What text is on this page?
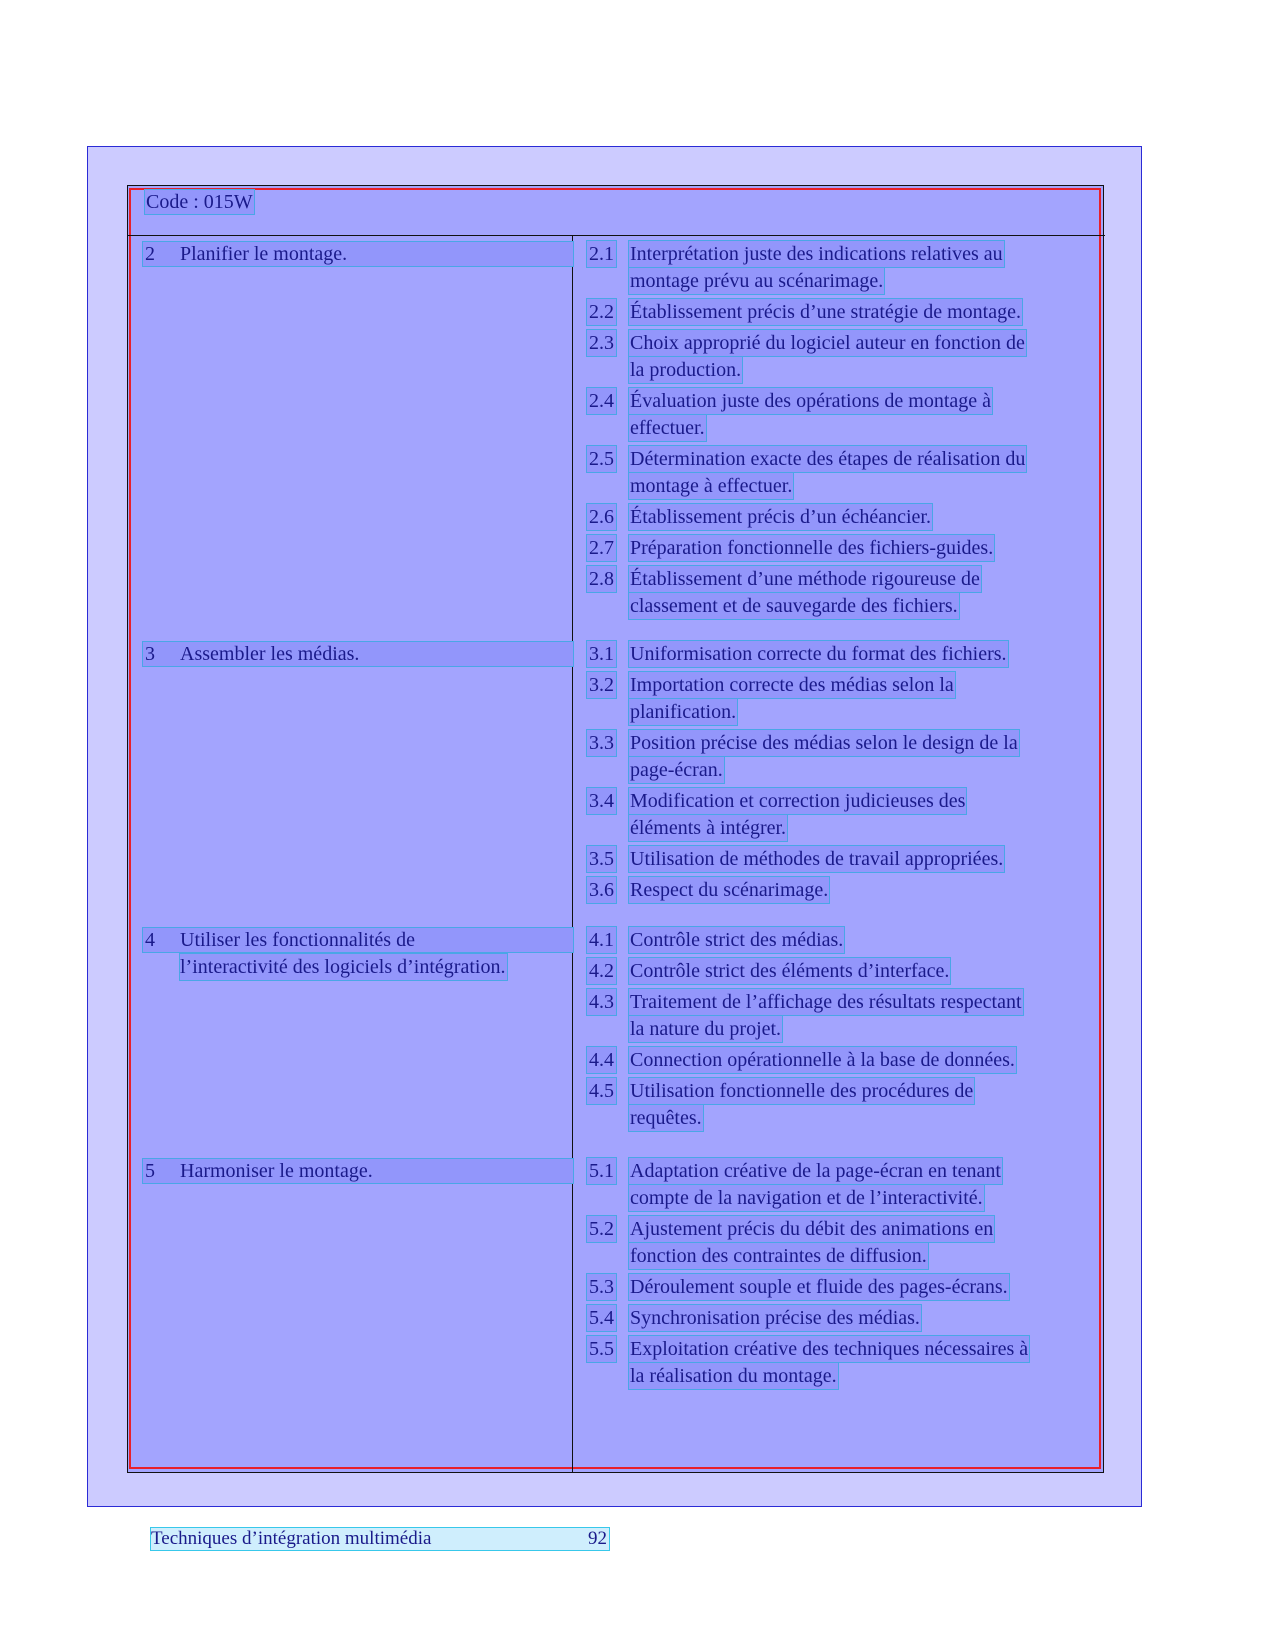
Code : 015W
2 Planifier le montage.	2.1 Interprétation juste des indications relatives au
montage prévu au scénarimage.
2.2 Établissement précis d’une stratégie de montage.
2.3 Choix approprié du logiciel auteur en fonction de
la production.
2.4 Évaluation juste des opérations de montage à
effectuer.
2.5 Détermination exacte des étapes de réalisation du
montage à effectuer.
2.6 Établissement précis d’un échéancier.
2.7 Préparation fonctionnelle des fichiers-guides.
2.8 Établissement d’une méthode rigoureuse de
classement et de sauvegarde des fichiers.
3 Assembler les médias.	3.1 Uniformisation correcte du format des fichiers.
3.2 Importation correcte des médias selon la
planification.
3.3 Position précise des médias selon le design de la
page-écran.
3.4 Modification et correction judicieuses des
éléments à intégrer.
3.5 Utilisation de méthodes de travail appropriées.
3.6 Respect du scénarimage.
4 Utiliser les fonctionnalités de
l’interactivité des logiciels d’intégration.
4.1 Contrôle strict des médias.
4.2 Contrôle strict des éléments d’interface.
4.3 Traitement de l’affichage des résultats respectant
la nature du projet.
4.4 Connection opérationnelle à la base de données.
4.5 Utilisation fonctionnelle des procédures de
requêtes.
5 Harmoniser le montage.	5.1 Adaptation créative de la page-écran en tenant
compte de la navigation et de l’interactivité.
5.2 Ajustement précis du débit des animations en
fonction des contraintes de diffusion.
5.3 Déroulement souple et fluide des pages-écrans.
5.4 Synchronisation précise des médias.
5.5 Exploitation créative des techniques nécessaires à
la réalisation du montage.
Techniques d’intégration multimédia	92
